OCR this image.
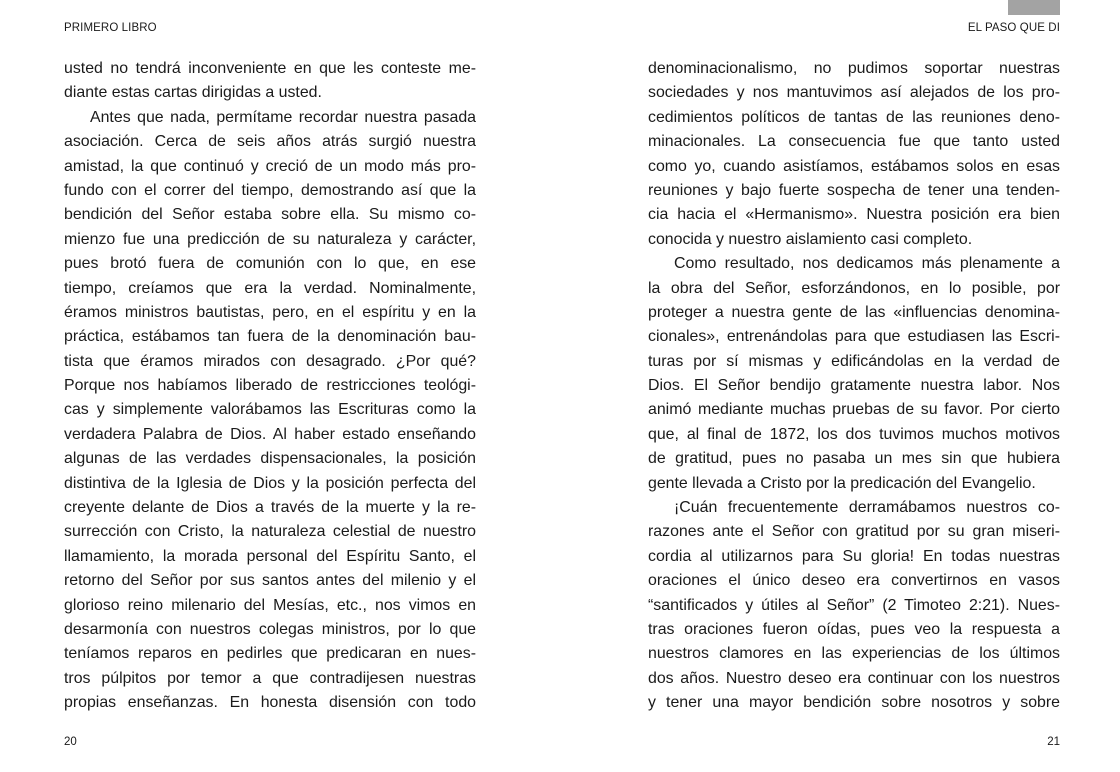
PRIMERO LIBRO
usted no tendrá inconveniente en que les conteste me-
diante estas cartas dirigidas a usted.
Antes que nada, permítame recordar nuestra pasada
asociación. Cerca de seis años atrás surgió nuestra
amistad, la que continuó y creció de un modo más pro-
fundo con el correr del tiempo, demostrando así que la
bendición del Señor estaba sobre ella. Su mismo co-
mienzo fue una predicción de su naturaleza y carácter,
pues brotó fuera de comunión con lo que, en ese
tiempo, creíamos que era la verdad. Nominalmente,
éramos ministros bautistas, pero, en el espíritu y en la
práctica, estábamos tan fuera de la denominación bau-
tista que éramos mirados con desagrado. ¿Por qué?
Porque nos habíamos liberado de restricciones teológi-
cas y simplemente valorábamos las Escrituras como la
verdadera Palabra de Dios. Al haber estado enseñando
algunas de las verdades dispensacionales, la posición
distintiva de la Iglesia de Dios y la posición perfecta del
creyente delante de Dios a través de la muerte y la re-
surrección con Cristo, la naturaleza celestial de nuestro
llamamiento, la morada personal del Espíritu Santo, el
retorno del Señor por sus santos antes del milenio y el
glorioso reino milenario del Mesías, etc., nos vimos en
desarmonía con nuestros colegas ministros, por lo que
teníamos reparos en pedirles que predicaran en nues-
tros púlpitos por temor a que contradijesen nuestras
propias enseñanzas. En honesta disensión con todo
20
EL PASO QUE DI
denominacionalismo, no pudimos soportar nuestras
sociedades y nos mantuvimos así alejados de los pro-
cedimientos políticos de tantas de las reuniones deno-
minacionales. La consecuencia fue que tanto usted
como yo, cuando asistíamos, estábamos solos en esas
reuniones y bajo fuerte sospecha de tener una tenden-
cia hacia el «Hermanismo». Nuestra posición era bien
conocida y nuestro aislamiento casi completo.
Como resultado, nos dedicamos más plenamente a
la obra del Señor, esforzándonos, en lo posible, por
proteger a nuestra gente de las «influencias denomina-
cionales», entrenándolas para que estudiasen las Escri-
turas por sí mismas y edificándolas en la verdad de
Dios. El Señor bendijo gratamente nuestra labor. Nos
animó mediante muchas pruebas de su favor. Por cierto
que, al final de 1872, los dos tuvimos muchos motivos
de gratitud, pues no pasaba un mes sin que hubiera
gente llevada a Cristo por la predicación del Evangelio.
¡Cuán frecuentemente derramábamos nuestros co-
razones ante el Señor con gratitud por su gran miseri-
cordia al utilizarnos para Su gloria! En todas nuestras
oraciones el único deseo era convertirnos en vasos
“santificados y útiles al Señor” (2 Timoteo 2:21). Nues-
tras oraciones fueron oídas, pues veo la respuesta a
nuestros clamores en las experiencias de los últimos
dos años. Nuestro deseo era continuar con los nuestros
y tener una mayor bendición sobre nosotros y sobre
21
